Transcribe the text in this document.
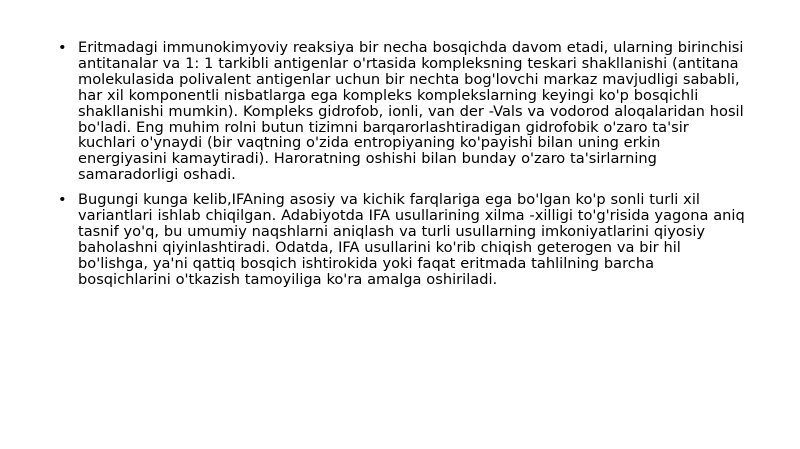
• Eritmadagi immunokimyoviy reaksiya bir necha bosqichda davom etadi, ularning birinchisi antitanalar va 1: 1 tarkibli antigenlar o'rtasida kompleksning teskari shakllanishi (antitana molekulasida polivalent antigenlar uchun bir nechta bog'lovchi markaz mavjudligi sababli, har xil komponentli nisbatlarga ega kompleks komplekslarning keyingi ko'p bosqichli shakllanishi mumkin). Kompleks gidrofob, ionli, van der -Vals va vodorod aloqalaridan hosil bo'ladi. Eng muhim rolni butun tizimni barqarorlashtiradigan gidrofobik o'zaro ta'sir kuchlari o'ynaydi (bir vaqtning o'zida entropiyaning ko'payishi bilan uning erkin energiyasini kamaytiradi). Haroratning oshishi bilan bunday o'zaro ta'sirlarning samaradorligi oshadi.
• Bugungi kunga kelib,IFAning asosiy va kichik farqlariga ega bo'lgan ko'p sonli turli xil variantlari ishlab chiqilgan. Adabiyotda IFA usullarining xilma -xilligi to'g'risida yagona aniq tasnif yo'q, bu umumiy naqshlarni aniqlash va turli usullarning imkoniyatlarini qiyosiy baholashni qiyinlashtiradi. Odatda, IFA usullarini ko'rib chiqish geterogen va bir hil bo'lishga, ya'ni qattiq bosqich ishtirokida yoki faqat eritmada tahlilning barcha bosqichlarini o'tkazish tamoyiliga ko'ra amalga oshiriladi.
